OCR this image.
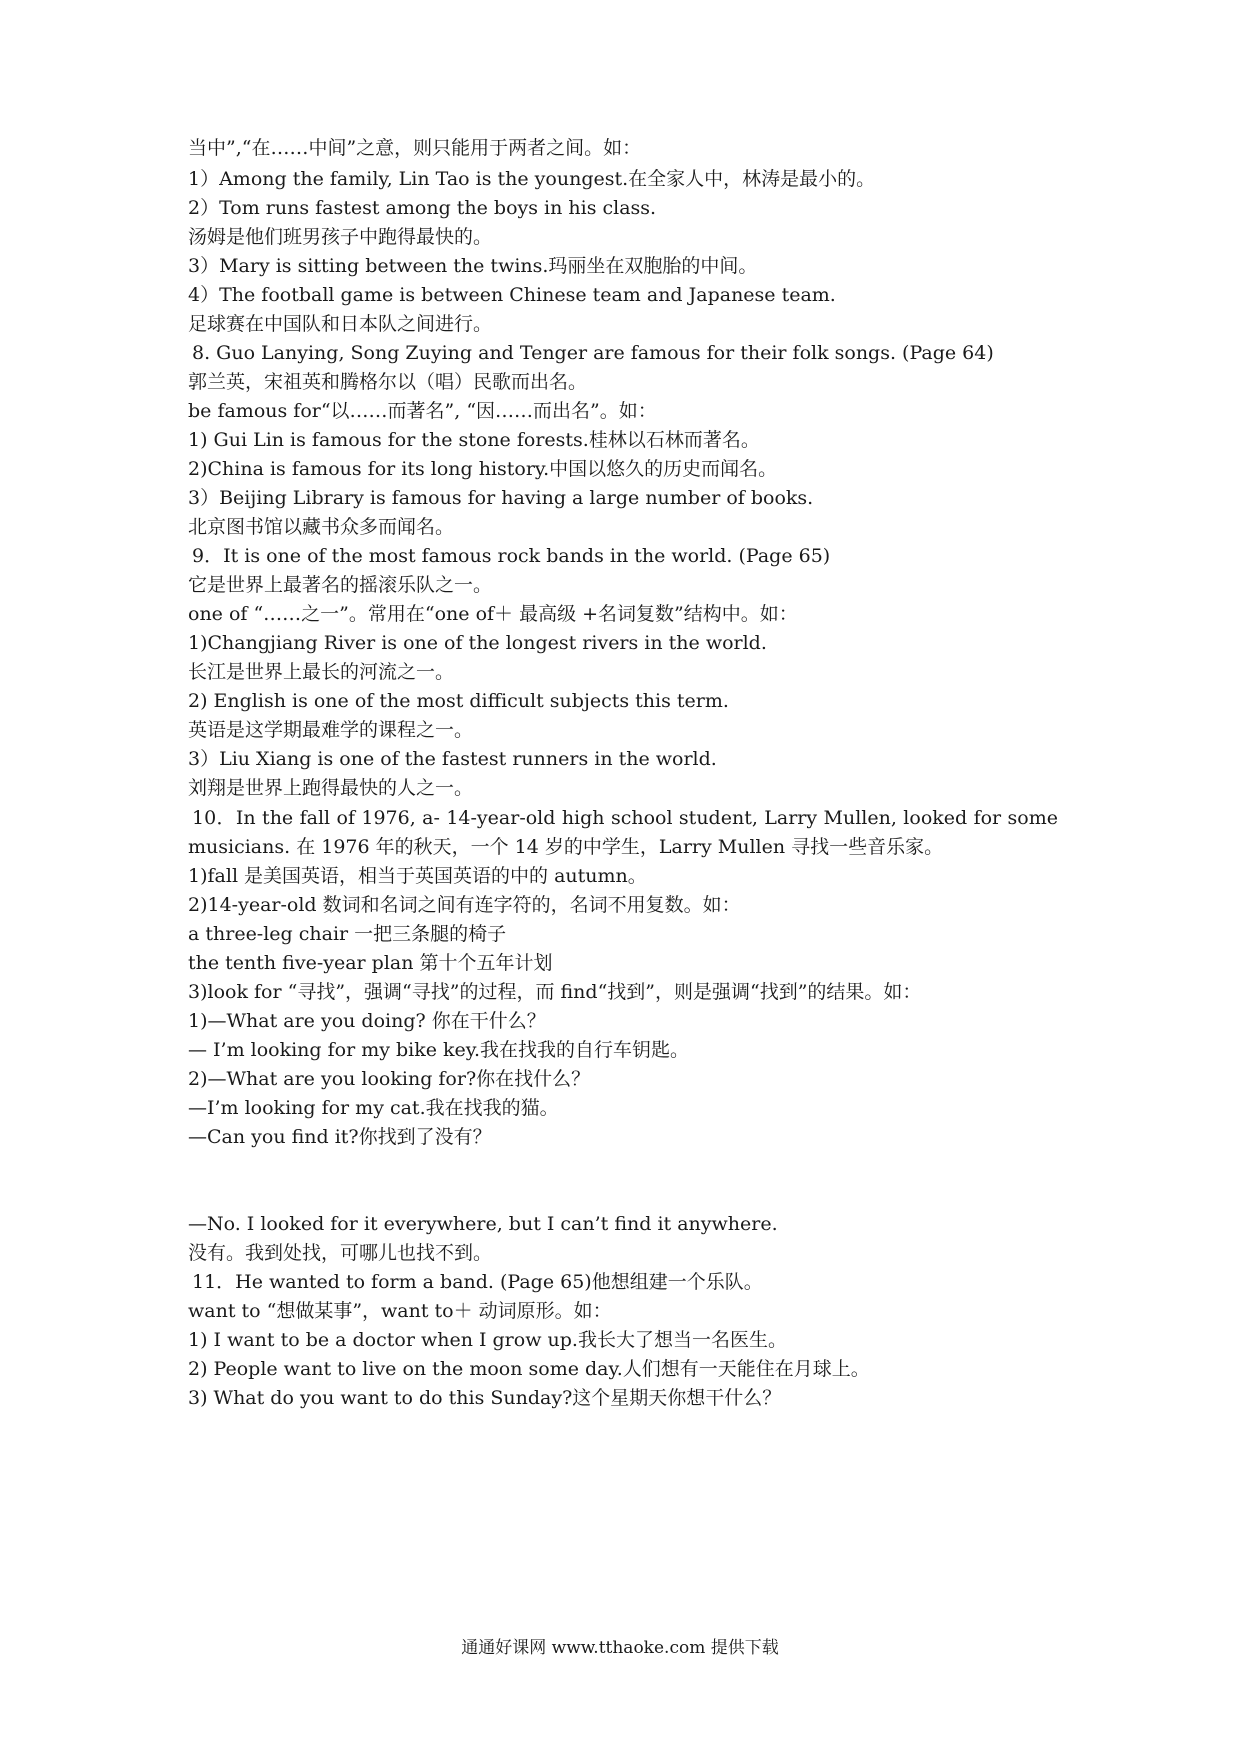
当中”,“在……中间”之意，则只能用于两者之间。如：
1）Among the family, Lin Tao is the youngest.在全家人中，林涛是最小的。
2）Tom runs fastest among the boys in his class.
汤姆是他们班男孩子中跑得最快的。
3）Mary is sitting between the twins.玛丽坐在双胞胎的中间。
4）The football game is between Chinese team and Japanese team.
足球赛在中国队和日本队之间进行。
8. Guo Lanying, Song Zuying and Tenger are famous for their folk songs. (Page 64)
郭兰英，宋祖英和腾格尔以（唱）民歌而出名。
be famous for“以……而著名”, “因……而出名”。如：
1) Gui Lin is famous for the stone forests.桂林以石林而著名。
2)China is famous for its long history.中国以悠久的历史而闻名。
3）Beijing Library is famous for having a large number of books.
北京图书馆以藏书众多而闻名。
9．It is one of the most famous rock bands in the world. (Page 65)
它是世界上最著名的摇滚乐队之一。
one of “……之一”。常用在“one of＋ 最高级 +名词复数”结构中。如：
1)Changjiang River is one of the longest rivers in the world.
长江是世界上最长的河流之一。
2) English is one of the most difficult subjects this term.
英语是这学期最难学的课程之一。
3）Liu Xiang is one of the fastest runners in the world.
刘翔是世界上跑得最快的人之一。
10．In the fall of 1976, a- 14-year-old high school student, Larry Mullen, looked for some
musicians. 在 1976 年的秋天，一个 14 岁的中学生，Larry Mullen 寻找一些音乐家。
1)fall 是美国英语，相当于英国英语的中的 autumn。
2)14-year-old 数词和名词之间有连字符的，名词不用复数。如：
a three-leg chair 一把三条腿的椅子
the tenth five-year plan 第十个五年计划
3)look for “寻找”，强调“寻找”的过程，而 find“找到”，则是强调“找到”的结果。如：
1)—What are you doing? 你在干什么？
— I’m looking for my bike key.我在找我的自行车钥匙。
2)—What are you looking for?你在找什么？
—I’m looking for my cat.我在找我的猫。
—Can you find it?你找到了没有？
—No. I looked for it everywhere, but I can’t find it anywhere.
没有。我到处找，可哪儿也找不到。
11．He wanted to form a band. (Page 65)他想组建一个乐队。
want to “想做某事”，want to＋ 动词原形。如：
1) I want to be a doctor when I grow up.我长大了想当一名医生。
2) People want to live on the moon some day.人们想有一天能住在月球上。
3) What do you want to do this Sunday?这个星期天你想干什么？
通通好课网 www.tthaoke.com 提供下载
